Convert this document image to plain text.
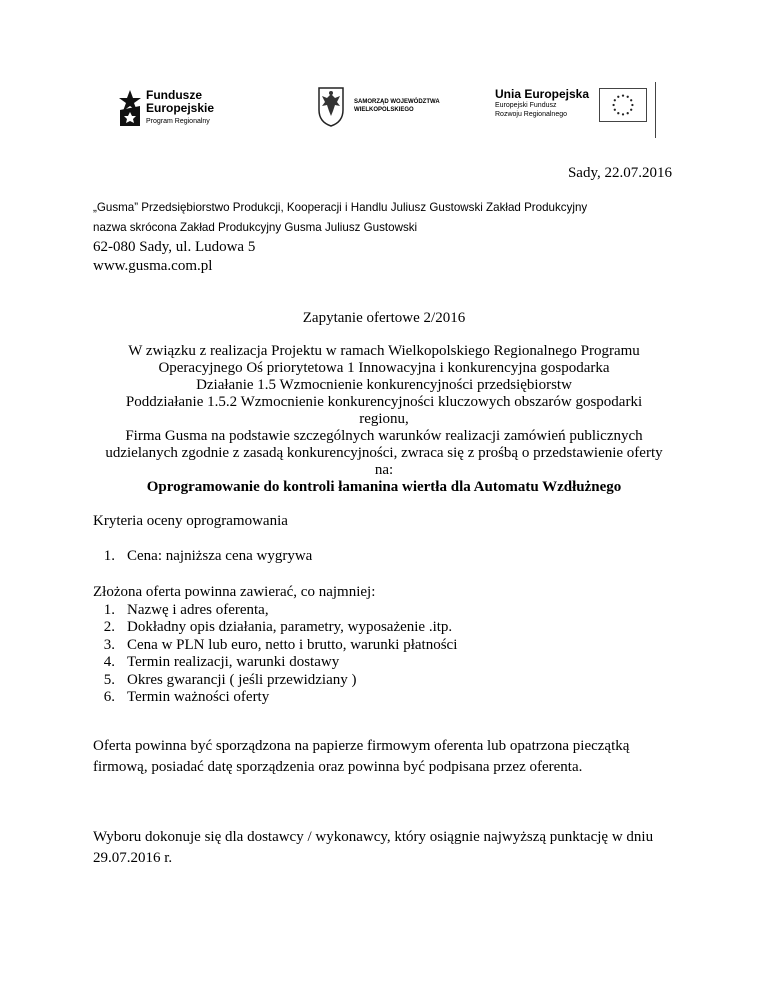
Fundusze
Europejskie
Program Regionalny
SAMORZĄD WOJEWÓDZTWA
WIELKOPOLSKIEGO
Unia Europejska
Europejski Fundusz
Rozwoju Regionalnego
Sady, 22.07.2016
„Gusma” Przedsiębiorstwo Produkcji, Kooperacji i Handlu Juliusz Gustowski Zakład Produkcyjny
nazwa skrócona Zakład Produkcyjny Gusma Juliusz Gustowski
62-080 Sady, ul. Ludowa 5
www.gusma.com.pl
Zapytanie ofertowe 2/2016
W związku z realizacja Projektu w ramach Wielkopolskiego Regionalnego Programu
Operacyjnego Oś priorytetowa 1 Innowacyjna i konkurencyjna gospodarka
Działanie 1.5 Wzmocnienie konkurencyjności przedsiębiorstw
Poddziałanie 1.5.2 Wzmocnienie konkurencyjności kluczowych obszarów gospodarki
regionu,
Firma Gusma na podstawie szczególnych warunków realizacji zamówień publicznych
udzielanych zgodnie z zasadą konkurencyjności, zwraca się z prośbą o przedstawienie oferty
na:
Oprogramowanie do kontroli łamanina wiertła dla Automatu Wzdłużnego
Kryteria oceny oprogramowania
1. Cena: najniższa cena wygrywa
Złożona oferta powinna zawierać, co najmniej:
1. Nazwę i adres oferenta,
2. Dokładny opis działania, parametry, wyposażenie .itp.
3. Cena w PLN lub euro, netto i brutto, warunki płatności
4. Termin realizacji, warunki dostawy
5. Okres gwarancji ( jeśli przewidziany )
6. Termin ważności oferty
Oferta powinna być sporządzona na papierze firmowym oferenta lub opatrzona pieczątką
firmową, posiadać datę sporządzenia oraz powinna być podpisana przez oferenta.
Wyboru dokonuje się dla dostawcy / wykonawcy, który osiągnie najwyższą punktację w dniu
29.07.2016 r.
